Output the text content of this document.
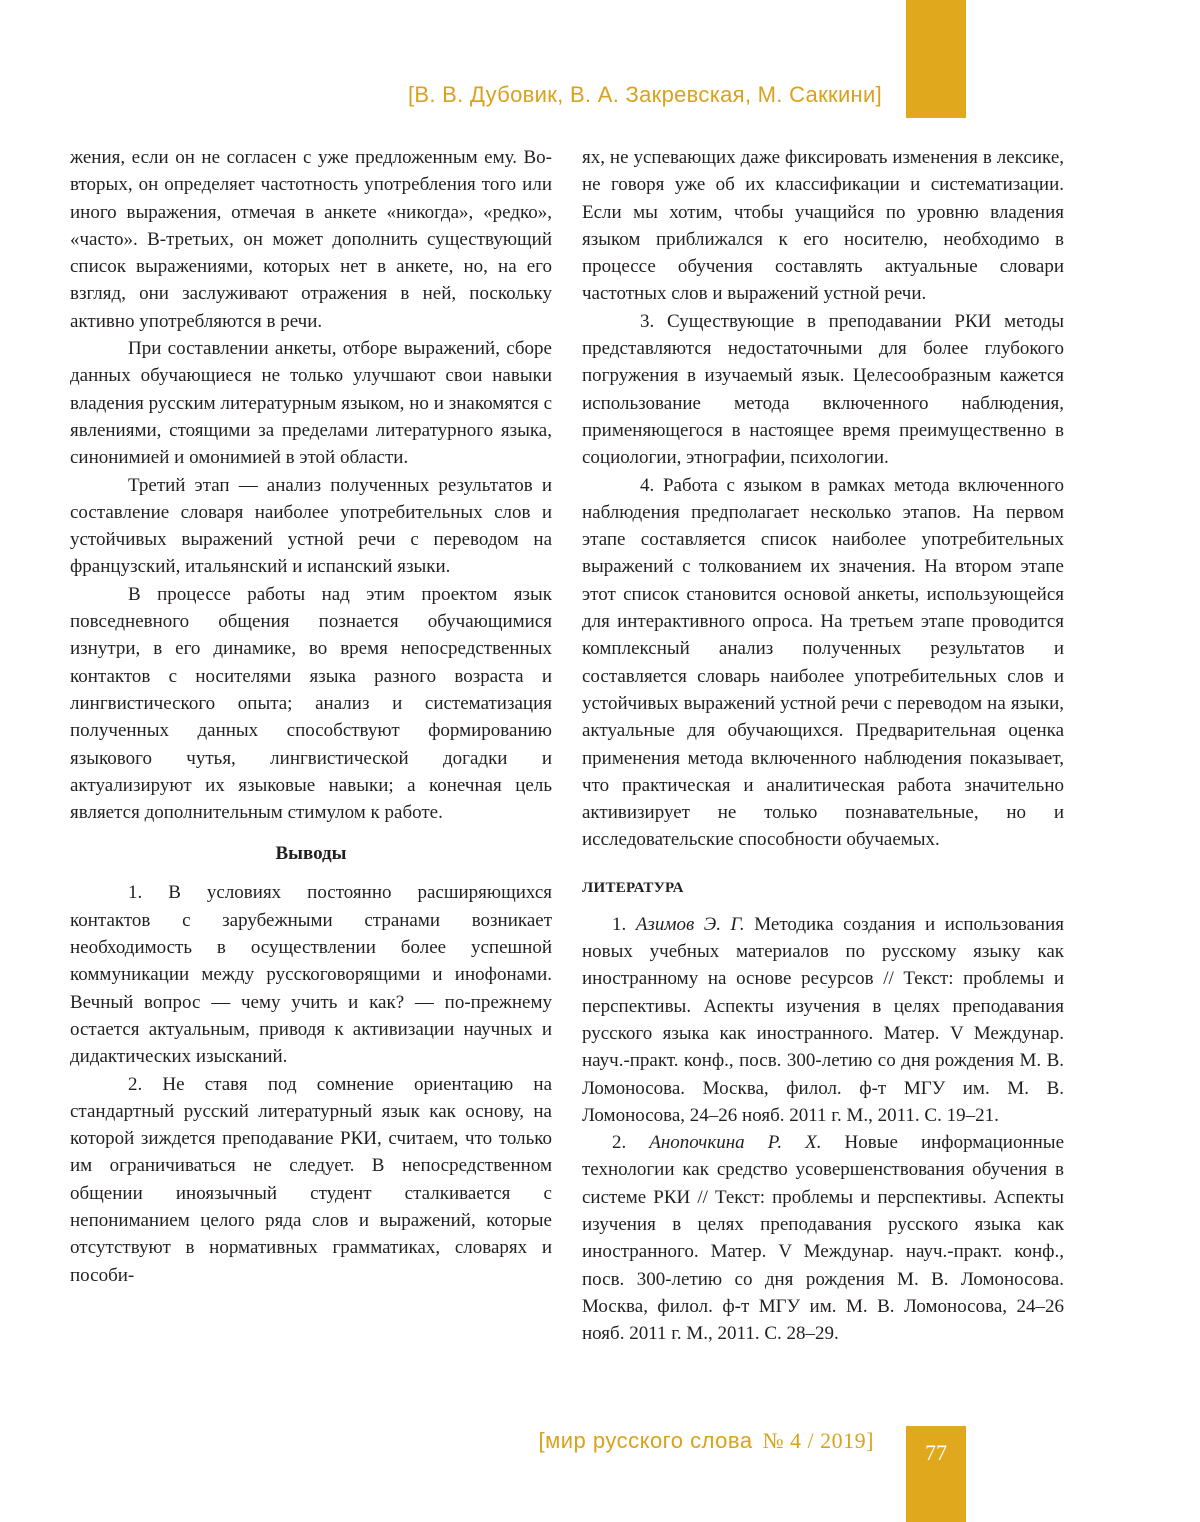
77
[В. В. Дубовик, В. А. Закревская, М. Саккини]

жения, если он не согласен с уже предложенным ему. Во-вторых, он определяет частотность употребления того или иного выражения, отмечая в анкете «никогда», «редко», «часто». В-третьих, он может дополнить существующий список выражениями, которых нет в анкете, но, на его взгляд, они заслуживают отражения в ней, поскольку активно употребляются в речи.

При составлении анкеты, отборе выражений, сборе данных обучающиеся не только улучшают свои навыки владения русским литературным языком, но и знакомятся с явлениями, стоящими за пределами литературного языка, синонимией и омонимией в этой области.

Третий этап — анализ полученных результатов и составление словаря наиболее употребительных слов и устойчивых выражений устной речи с переводом на французский, итальянский и испанский языки.

В процессе работы над этим проектом язык повседневного общения познается обучающимися изнутри, в его динамике, во время непосредственных контактов с носителями языка разного возраста и лингвистического опыта; анализ и систематизация полученных данных способствуют формированию языкового чутья, лингвистической догадки и актуализируют их языковые навыки; а конечная цель является дополнительным стимулом к работе.

Выводы

1. В условиях постоянно расширяющихся контактов с зарубежными странами возникает необходимость в осуществлении более успешной коммуникации между русскоговорящими и инофонами. Вечный вопрос — чему учить и как? — по-прежнему остается актуальным, приводя к активизации научных и дидактических изысканий.

2. Не ставя под сомнение ориентацию на стандартный русский литературный язык как основу, на которой зиждется преподавание РКИ, считаем, что только им ограничиваться не следует. В непосредственном общении иноязычный студент сталкивается с непониманием целого ряда слов и выражений, которые отсутствуют в нормативных грамматиках, словарях и пособи-

ях, не успевающих даже фиксировать изменения в лексике, не говоря уже об их классификации и систематизации. Если мы хотим, чтобы учащийся по уровню владения языком приближался к его носителю, необходимо в процессе обучения составлять актуальные словари частотных слов и выражений устной речи.

3. Существующие в преподавании РКИ методы представляются недостаточными для более глубокого погружения в изучаемый язык. Целесообразным кажется использование метода включенного наблюдения, применяющегося в настоящее время преимущественно в социологии, этнографии, психологии.

4. Работа с языком в рамках метода включенного наблюдения предполагает несколько этапов. На первом этапе составляется список наиболее употребительных выражений с толкованием их значения. На втором этапе этот список становится основой анкеты, использующейся для интерактивного опроса. На третьем этапе проводится комплексный анализ полученных результатов и составляется словарь наиболее употребительных слов и устойчивых выражений устной речи с переводом на языки, актуальные для обучающихся. Предварительная оценка применения метода включенного наблюдения показывает, что практическая и аналитическая работа значительно активизирует не только познавательные, но и исследовательские способности обучаемых.

ЛИТЕРАТУРА

1. Азимов Э. Г. Методика создания и использования новых учебных материалов по русскому языку как иностранному на основе ресурсов // Текст: проблемы и перспективы. Аспекты изучения в целях преподавания русского языка как иностранного. Матер. V Междунар. науч.-практ. конф., посв. 300-летию со дня рождения М. В. Ломоносова. Москва, филол. ф-т МГУ им. М. В. Ломоносова, 24–26 нояб. 2011 г. М., 2011. С. 19–21.

2. Анопочкина Р. Х. Новые информационные технологии как средство усовершенствования обучения в системе РКИ // Текст: проблемы и перспективы. Аспекты изучения в целях преподавания русского языка как иностранного. Матер. V Междунар. науч.-практ. конф., посв. 300-летию со дня рождения М. В. Ломоносова. Москва, филол. ф-т МГУ им. М. В. Ломоносова, 24–26 нояб. 2011 г. М., 2011. С. 28–29.

[мир русского слова № 4 / 2019]
